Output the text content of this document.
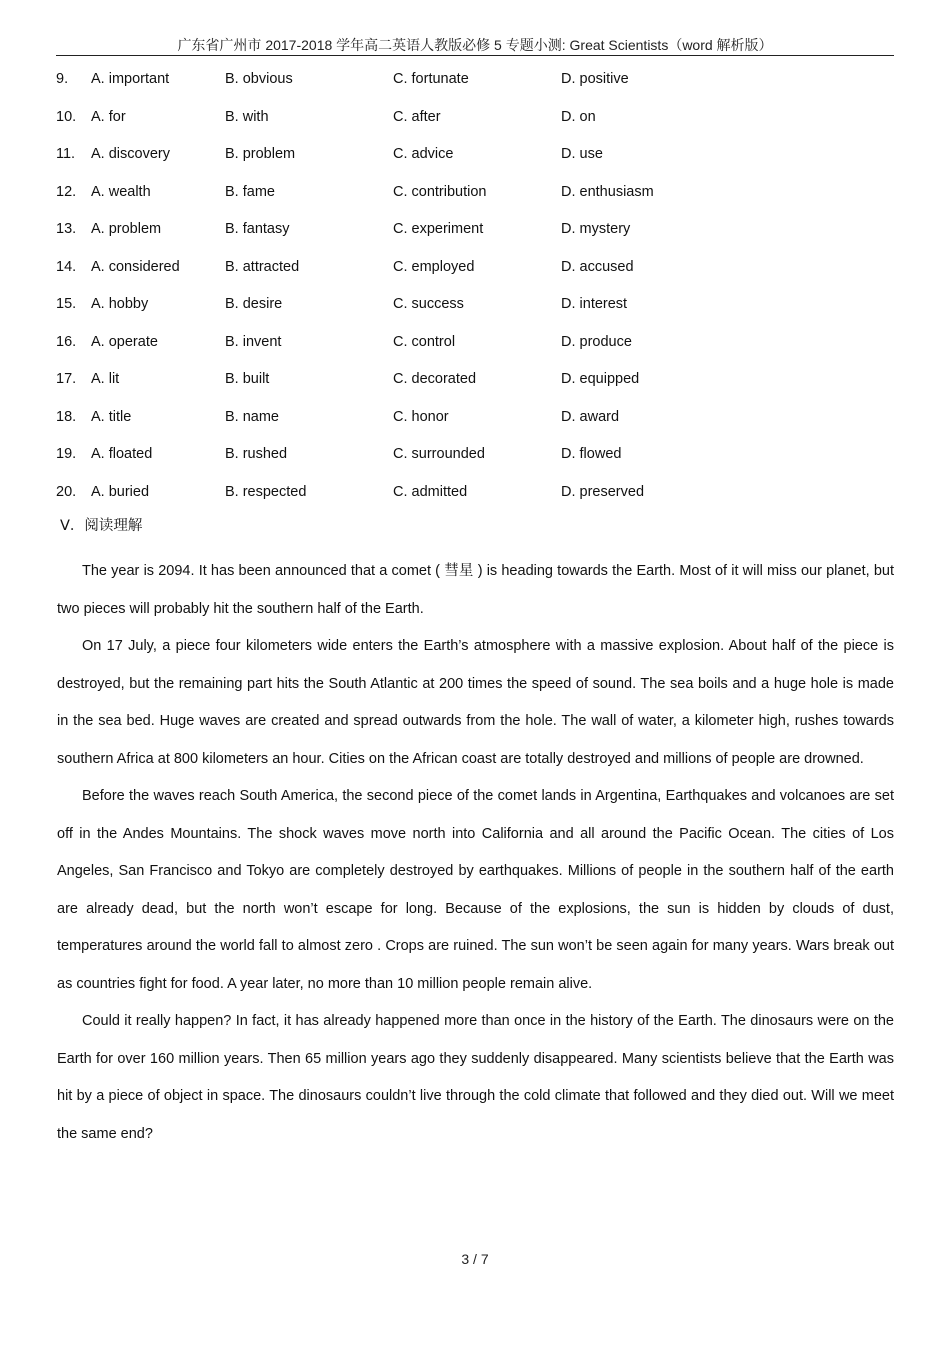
广东省广州市 2017-2018 学年高二英语人教版必修 5 专题小测: Great Scientists（word 解析版）
9. A. important	B. obvious	C. fortunate	D. positive
10. A. for	B. with	C. after	D. on
11. A. discovery	B. problem	C. advice	D. use
12. A. wealth	B. fame	C. contribution	D. enthusiasm
13. A. problem	B. fantasy	C. experiment	D. mystery
14. A. considered	B. attracted	C. employed	D. accused
15. A. hobby	B. desire	C. success	D. interest
16. A. operate	B. invent	C. control	D. produce
17. A. lit	B. built	C. decorated	D. equipped
18. A. title	B. name	C. honor	D. award
19. A. floated	B. rushed	C. surrounded	D. flowed
20. A. buried	B. respected	C. admitted	D. preserved
V．阅读理解

The year is 2094. It has been announced that a comet ( 彗星 ) is heading towards the Earth. Most of it will miss our planet, but two pieces will probably hit the southern half of the Earth.

On 17 July, a piece four kilometers wide enters the Earth’s atmosphere with a massive explosion. About half of the piece is destroyed, but the remaining part hits the South Atlantic at 200 times the speed of sound. The sea boils and a huge hole is made in the sea bed. Huge waves are created and spread outwards from the hole. The wall of water, a kilometer high, rushes towards southern Africa at 800 kilometers an hour. Cities on the African coast are totally destroyed and millions of people are drowned.

Before the waves reach South America, the second piece of the comet lands in Argentina, Earthquakes and volcanoes are set off in the Andes Mountains. The shock waves move north into California and all around the Pacific Ocean. The cities of Los Angeles, San Francisco and Tokyo are completely destroyed by earthquakes. Millions of people in the southern half of the earth are already dead, but the north won’t escape for long. Because of the explosions, the sun is hidden by clouds of dust, temperatures around the world fall to almost zero . Crops are ruined. The sun won’t be seen again for many years. Wars break out as countries fight for food. A year later, no more than 10 million people remain alive.

Could it really happen? In fact, it has already happened more than once in the history of the Earth. The dinosaurs were on the Earth for over 160 million years. Then 65 million years ago they suddenly disappeared. Many scientists believe that the Earth was hit by a piece of object in space. The dinosaurs couldn’t live through the cold climate that followed and they died out. Will we meet the same end?

3 / 7
